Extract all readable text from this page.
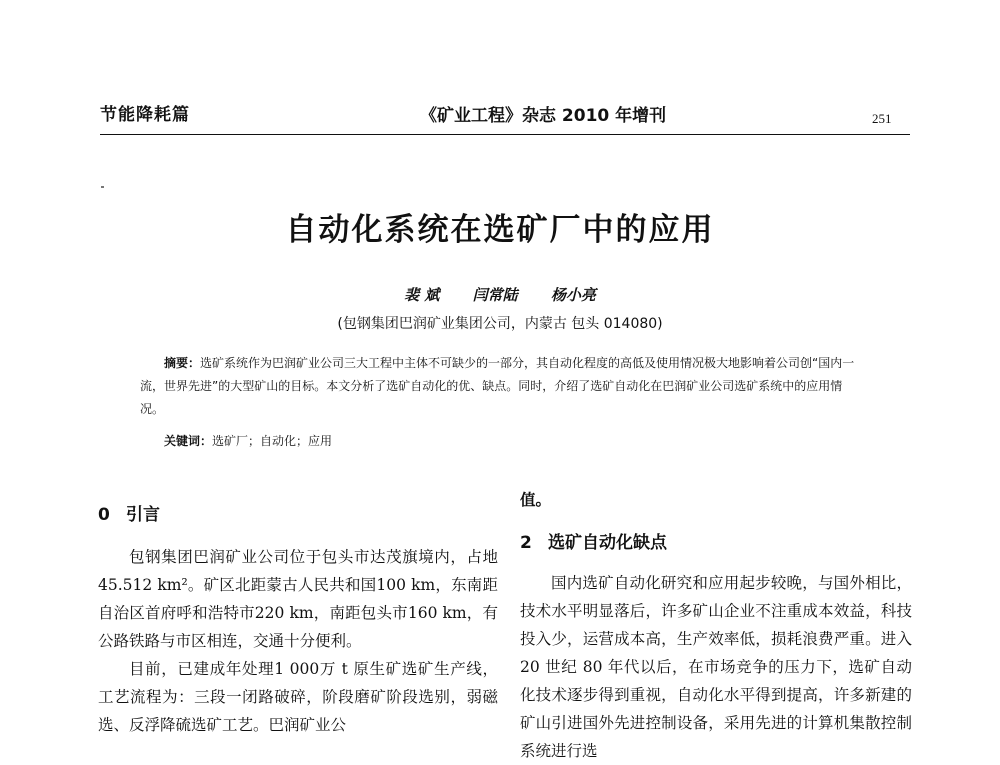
节能降耗篇	《矿业工程》杂志 2010 年增刊	251
自动化系统在选矿厂中的应用
裴 斌 闫常陆 杨小亮
(包钢集团巴润矿业集团公司，内蒙古 包头 014080)
摘要：选矿系统作为巴润矿业公司三大工程中主体不可缺少的一部分，其自动化程度的高低及使用情况极大地影响着公司创“国内一流，世界先进”的大型矿山的目标。本文分析了选矿自动化的优、缺点。同时，介绍了选矿自动化在巴润矿业公司选矿系统中的应用情况。
关键词：选矿厂；自动化；应用
0 引言

包钢集团巴润矿业公司位于包头市达茂旗境内，占地45.512 km²。矿区北距蒙古人民共和国100 km，东南距自治区首府呼和浩特市220 km，南距包头市160 km，有公路铁路与市区相连，交通十分便利。

目前，已建成年处理1 000万 t 原生矿选矿生产线，工艺流程为：三段一闭路破碎，阶段磨矿阶段选别，弱磁选、反浮降硫选矿工艺。巴润矿业公

值。

2 选矿自动化缺点

国内选矿自动化研究和应用起步较晚，与国外相比，技术水平明显落后，许多矿山企业不注重成本效益，科技投入少，运营成本高，生产效率低，损耗浪费严重。进入 20 世纪 80 年代以后，在市场竞争的压力下，选矿自动化技术逐步得到重视，自动化水平得到提高，许多新建的矿山引进国外先进控制设备，采用先进的计算机集散控制系统进行选
